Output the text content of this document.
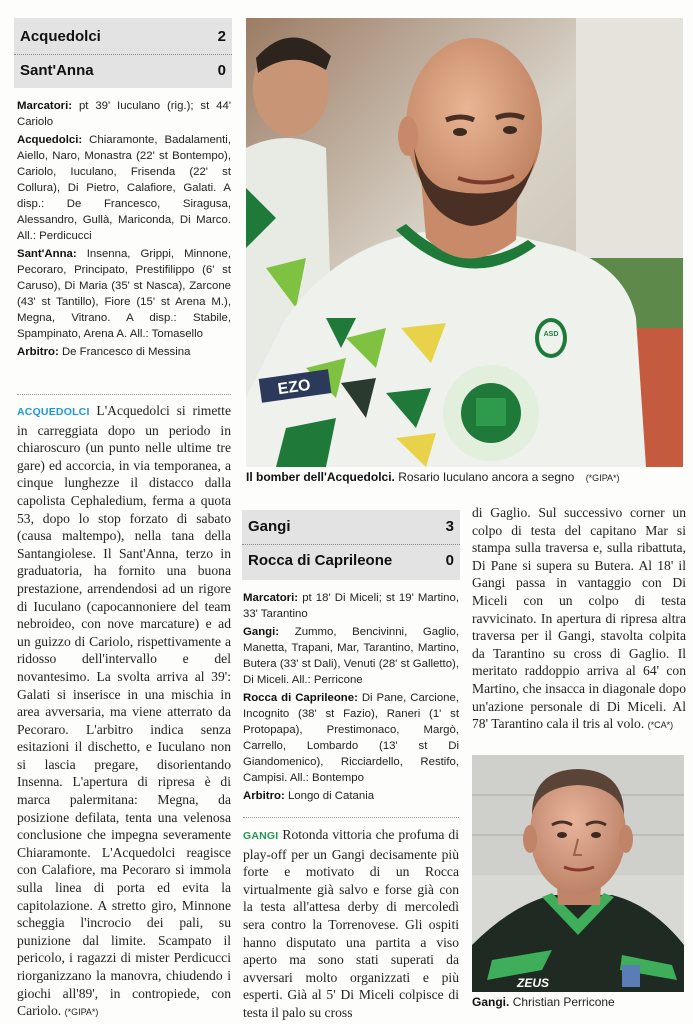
Acquedolci	2
Sant'Anna	0

Marcatori: pt 39' Iuculano (rig.); st 44' Cariolo

Acquedolci: Chiaramonte, Badalamenti, Aiello, Naro, Monastra (22' st Bontempo), Cariolo, Iuculano, Frisenda (22' st Collura), Di Pietro, Calafiore, Galati. A disp.: De Francesco, Siragusa, Alessandro, Gullà, Mariconda, Di Marco. All.: Perdicucci

Sant'Anna: Insenna, Grippi, Minnone, Pecoraro, Principato, Prestifilippo (6' st Caruso), Di Maria (35' st Nasca), Zarcone (43' st Tantillo), Fiore (15' st Arena M.), Megna, Vitrano. A disp.: Stabile, Spampinato, Arena A. All.: Tomasello

Arbitro: De Francesco di Messina

ACQUEDOLCI L'Acquedolci si rimette in carreggiata dopo un periodo in chiaroscuro (un punto nelle ultime tre gare) ed accorcia, in via temporanea, a cinque lunghezze il distacco dalla capolista Cephaledium, ferma a quota 53, dopo lo stop forzato di sabato (causa maltempo), nella tana della Santangiolese. Il Sant'Anna, terzo in graduatoria, ha fornito una buona prestazione, arrendendosi ad un rigore di Iuculano (capocannoniere del team nebroideo, con nove marcature) e ad un guizzo di Cariolo, rispettivamente a ridosso dell'intervallo e del novantesimo. La svolta arriva al 39': Galati si inserisce in una mischia in area avversaria, ma viene atterrato da Pecoraro. L'arbitro indica senza esitazioni il dischetto, e Iuculano non si lascia pregare, disorientando Insenna. L'apertura di ripresa è di marca palermitana: Megna, da posizione defilata, tenta una velenosa conclusione che impegna severamente Chiaramonte. L'Acquedolci reagisce con Calafiore, ma Pecoraro si immola sulla linea di porta ed evita la capitolazione. A stretto giro, Minnone scheggia l'incrocio dei pali, su punizione dal limite. Scampato il pericolo, i ragazzi di mister Perdicucci riorganizzano la manovra, chiudendo i giochi all'89', in contropiede, con Cariolo. (*GIPA*)
ASD
EZO
Il bomber dell'Acquedolci. Rosario Iuculano ancora a segno (*GIPA*)
Gangi	3
Rocca di Caprileone	0

Marcatori: pt 18' Di Miceli; st 19' Martino, 33' Tarantino

Gangi: Zummo, Bencivinni, Gaglio, Manetta, Trapani, Mar, Tarantino, Martino, Butera (33' st Dali), Venuti (28' st Galletto), Di Miceli. All.: Perricone

Rocca di Caprileone: Di Pane, Carcione, Incognito (38' st Fazio), Raneri (1' st Protopapa), Prestimonaco, Margò, Carrello, Lombardo (13' st Di Giandomenico), Ricciardello, Restifo, Campisi. All.: Bontempo

Arbitro: Longo di Catania

GANGI Rotonda vittoria che profuma di play-off per un Gangi decisamente più forte e motivato di un Rocca virtualmente già salvo e forse già con la testa all'attesa derby di mercoledì sera contro la Torrenovese. Gli ospiti hanno disputato una partita a viso aperto ma sono stati superati da avversari molto organizzati e più esperti. Già al 5' Di Miceli colpisce di testa il palo su cross
di Gaglio. Sul successivo corner un colpo di testa del capitano Mar si stampa sulla traversa e, sulla ribattuta, Di Pane si supera su Butera. Al 18' il Gangi passa in vantaggio con Di Miceli con un colpo di testa ravvicinato. In apertura di ripresa altra traversa per il Gangi, stavolta colpita da Tarantino su cross di Gaglio. Il meritato raddoppio arriva al 64' con Martino, che insacca in diagonale dopo un'azione personale di Di Miceli. Al 78' Tarantino cala il tris al volo. (*CA*)
ZEUS
Gangi. Christian Perricone
